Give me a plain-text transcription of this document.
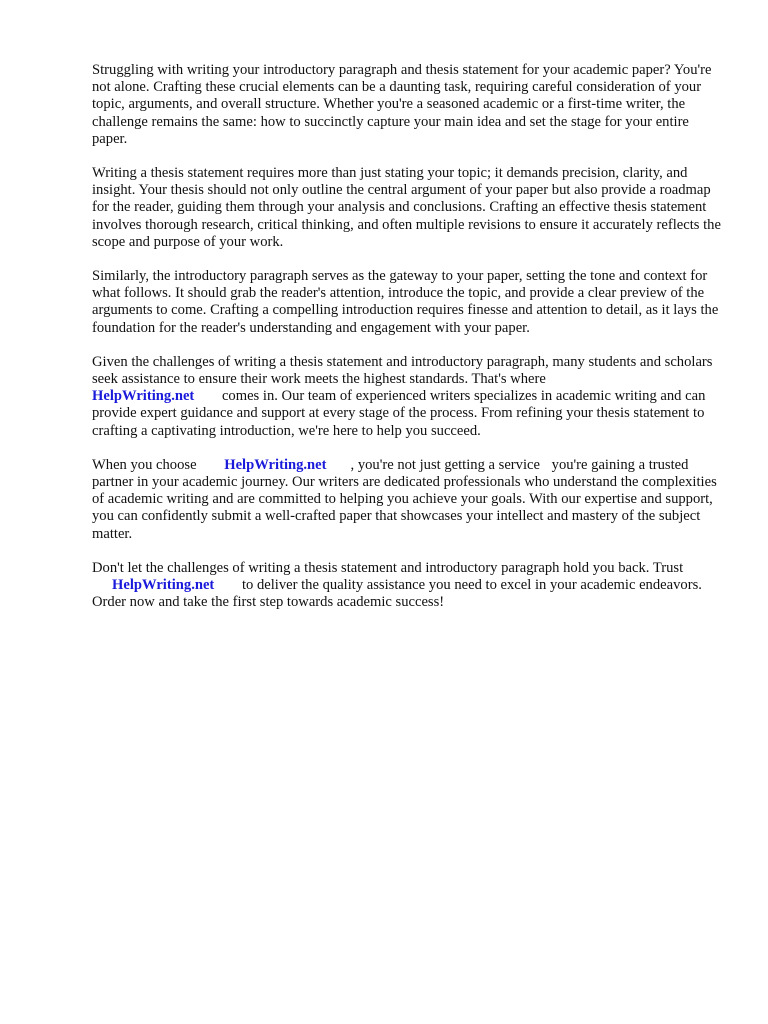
Struggling with writing your introductory paragraph and thesis statement for your academic paper? You're not alone. Crafting these crucial elements can be a daunting task, requiring careful consideration of your topic, arguments, and overall structure. Whether you're a seasoned academic or a first-time writer, the challenge remains the same: how to succinctly capture your main idea and set the stage for your entire paper.

Writing a thesis statement requires more than just stating your topic; it demands precision, clarity, and insight. Your thesis should not only outline the central argument of your paper but also provide a roadmap for the reader, guiding them through your analysis and conclusions. Crafting an effective thesis statement involves thorough research, critical thinking, and often multiple revisions to ensure it accurately reflects the scope and purpose of your work.

Similarly, the introductory paragraph serves as the gateway to your paper, setting the tone and context for what follows. It should grab the reader's attention, introduce the topic, and provide a clear preview of the arguments to come. Crafting a compelling introduction requires finesse and attention to detail, as it lays the foundation for the reader's understanding and engagement with your paper.

Given the challenges of writing a thesis statement and introductory paragraph, many students and scholars seek assistance to ensure their work meets the highest standards. That's where
HelpWriting.net comes in. Our team of experienced writers specializes in academic writing and can provide expert guidance and support at every stage of the process. From refining your thesis statement to crafting a captivating introduction, we're here to help you succeed.

When you choose HelpWriting.net , you're not just getting a service you're gaining a trusted partner in your academic journey. Our writers are dedicated professionals who understand the complexities of academic writing and are committed to helping you achieve your goals. With our expertise and support, you can confidently submit a well-crafted paper that showcases your intellect and mastery of the subject matter.

Don't let the challenges of writing a thesis statement and introductory paragraph hold you back. Trust
HelpWriting.net to deliver the quality assistance you need to excel in your academic endeavors. Order now and take the first step towards academic success!
